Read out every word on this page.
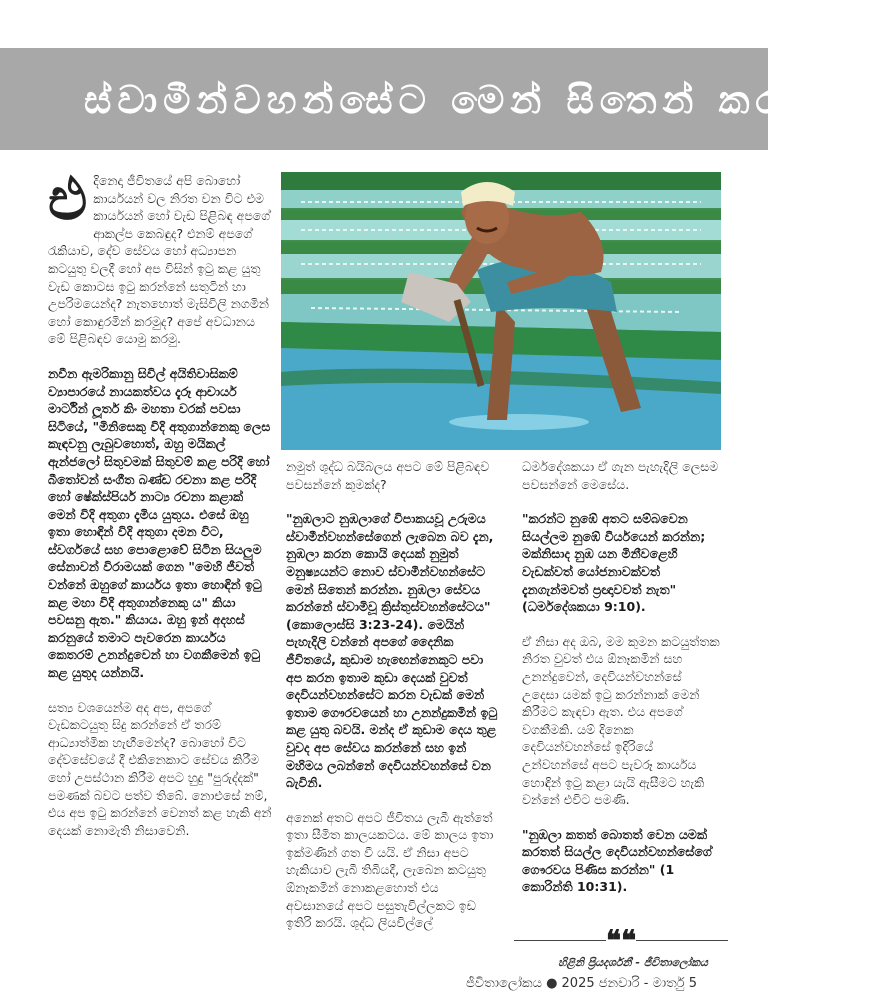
ස්වාමීන්වහන්සේට මෙන් සිතෙන් කරන්න.

එදිනෙදා ජීවිතයේ අපි බොහෝ කාර්යයන් වල නිරත වන විට එම කාර්යයන් හෝ වැඩ පිළිබඳ අපගේ ආකල්ප කෙබඳුද? එනම් අපගේ රැකියාව, දේව සේවය හෝ අධ්‍යාපන කටයුතු වලදී හෝ අප විසින් ඉටු කළ යුතු වැඩ කොටස ඉටු කරන්නේ සතුටින් හා උපරිමයෙන්ද? නැතහොත් මැසිවිලි නගමින් හෝ කොඳුරමින් කරමුද? අපේ අවධානය මේ පිළිබඳව යොමු කරමු.

නවීන ඇමරිකානු සිවිල් අයිතිවාසිකම් ව්‍යාපාරයේ නායකත්වය දැරූ ආචාර්ය මාර්ටින් ලූතර් කිං මහතා වරක් පවසා සිටියේ, "මිනිසෙකු විදි අතුගාන්නෙකු ලෙස කැඳවනු ලැබුවහොත්, ඔහු මයිකල් ඇන්ජලෝ සිතුවමක් සිතුවම් කළ පරිදි හෝ බීතෝවන් සංගීත බණ්ඩ රචනා කළ පරිදි හෝ ෂේක්ස්පියර් නාට්‍ය රචනා කළාක් මෙන් විදි අතුගා දැමිය යුතුය. එසේ ඔහු ඉතා හොඳින් විදි අතුගා දමන විට, ස්වර්ගයේ සහ පොළොවේ සිටින සියලුම සේනාවන් විරාමයක් ගෙන "මෙහි ජීවත් වන්නේ ඔහුගේ කාර්යය ඉතා හොඳින් ඉටු කළ මහා විදි අතුගාන්නෙකු ය" කියා පවසනු ඇත." කියාය. ඔහු ඉන් අදහස් කරනුයේ තමාට පැවරෙන කාර්යය කෙතරම් උනන්දුවෙන් හා වගකීමෙන් ඉටු කළ යුතුද යන්නයි.

සත්‍ය වශයෙන්ම අද අප, අපගේ වැඩකටයුතු සිදු කරන්නේ ඒ තරම් ආධ්‍යාත්මික හැඟීමෙන්ද? බොහෝ විට දේවසේවයේ දී එකිනෙකාට සේවය කිරීම හෝ උපස්ථාන කිරීම අපට හුදු "පුරුද්දක්" පමණක් බවට පත්ව තිබේ. නොඑසේ නම්, එය අප ඉටු කරන්නේ වෙනත් කළ හැකි අන් දෙයක් නොමැති නිසාවෙනි.

නමුත් ශුද්ධ බයිබලය අපට මේ පිළිබඳව පවසන්නේ කුමක්ද?

"නුඹලාට නුඹලාගේ විපාකයවූ උරුමය ස්වාමීන්වහන්සේගෙන් ලැබෙන බව දැන, නුඹලා කරන කොයි දෙයක් නුමුත් මනුෂ්‍යයන්ට නොව ස්වාමීන්වහන්සේට මෙන් සිතෙන් කරන්න. නුඹලා සේවය කරන්නේ ස්වාමිවූ ක්‍රිස්තුස්වහන්සේටය" (කොලොස්සි 3:23-24). මෙයින් පැහැදිලි වන්නේ අපගේ දෛනික ජීවිතයේ, කුඩාම හැඟෙන්නෙකුට පවා අප කරන ඉතාම කුඩා දෙයක් වුවත් දෙවියන්වහන්සේට කරන වැඩක් මෙන් ඉතාම ගෞරවයෙන් හා උනන්දුකමින් ඉටු කළ යුතු බවයි. මන්ද ඒ කුඩාම දෙය තුළ වුවද අප සේවය කරන්නේ සහ ඉන් මහිමය ලබන්නේ දෙවියන්වහන්සේ වන බැවිනි.

අනෙක් අතට අපට ජීවිතය ලැබී ඇත්තේ ඉතා සීමිත කාලයකටය. මේ කාලය ඉතා ඉක්මණින් ගත වී යයි. ඒ නිසා අපට හැකියාව ලැබී තිබියදී, ලැබෙන කටයුතු ඕනෑකමින් නොකළහොත් එය අවසානයේ අපට පසුතැවිල්ලකට ඉඩ ඉතිරි කරයි. ශුද්ධ ලියවිල්ලේ

ධර්මදේශකයා ඒ ගැන පැහැදිලි ලෙසම පවසන්නේ මෙසේය.

"කරන්ට නුඹේ අතට සම්බවෙන සියල්ලම නුඹේ වීර්යයෙන් කරන්න; මක්නිසාද නුඹ යන මිනීවළෙහි වැඩක්වත් යෝජනාවක්වත් දැනගැන්මවත් ප්‍රඥාවවත් නැත" (ධර්මදේශකයා 9:10).

ඒ නිසා අද ඔබ, මම කුමන කටයුත්තක නිරත වුවත් එය ඕනෑකමින් සහ උනන්දුවෙන්, දෙවියන්වහන්සේ උදෙසා යමක් ඉටු කරන්නාක් මෙන් කිරීමට කැඳවා ඇත. එය අපගේ වගකීමකි. යම් දිනෙක දෙවියන්වහන්සේ ඉදිරියේ උන්වහන්සේ අපට පැවරූ කාර්යය හොඳින් ඉටු කළා යැයි ඇසීමට හැකි වන්නේ එවිට පමණි.

"නුඹලා කතත් බොතත් වෙන යමක් කරතත් සියල්ල දෙවියන්වහන්සේගේ ගෞරවය පිණිස කරන්න" (1 කොරින්ති 10:31).

❝❝
හිළිනි ප්‍රියදර්ශනී - ජීවිතාලෝකය
ජීවිතාලෝකය ● 2025 ජනවාරි - මාර්තු 5
